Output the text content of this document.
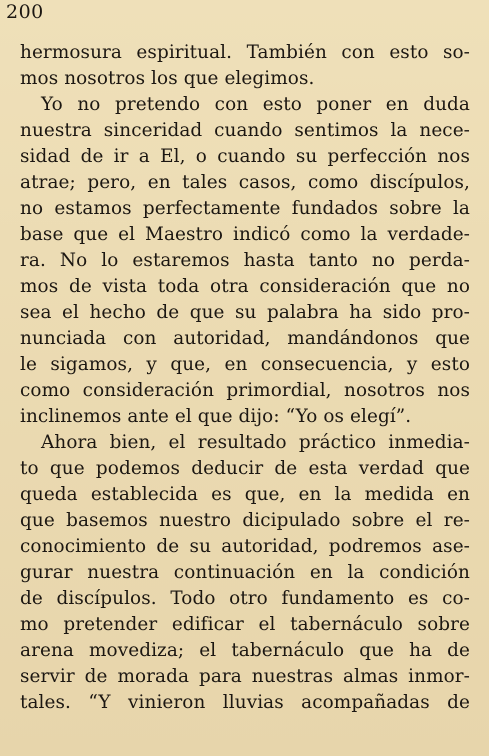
200
hermosura espiritual. También con esto so-
mos nosotros los que elegimos.
Yo no pretendo con esto poner en duda
nuestra sinceridad cuando sentimos la nece-
sidad de ir a El, o cuando su perfección nos
atrae; pero, en tales casos, como discípulos,
no estamos perfectamente fundados sobre la
base que el Maestro indicó como la verdade-
ra. No lo estaremos hasta tanto no perda-
mos de vista toda otra consideración que no
sea el hecho de que su palabra ha sido pro-
nunciada con autoridad, mandándonos que
le sigamos, y que, en consecuencia, y esto
como consideración primordial, nosotros nos
inclinemos ante el que dijo: “Yo os elegí”.
Ahora bien, el resultado práctico inmedia-
to que podemos deducir de esta verdad que
queda establecida es que, en la medida en
que basemos nuestro dicipulado sobre el re-
conocimiento de su autoridad, podremos ase-
gurar nuestra continuación en la condición
de discípulos. Todo otro fundamento es co-
mo pretender edificar el tabernáculo sobre
arena movediza; el tabernáculo que ha de
servir de morada para nuestras almas inmor-
tales. “Y vinieron lluvias acompañadas de
